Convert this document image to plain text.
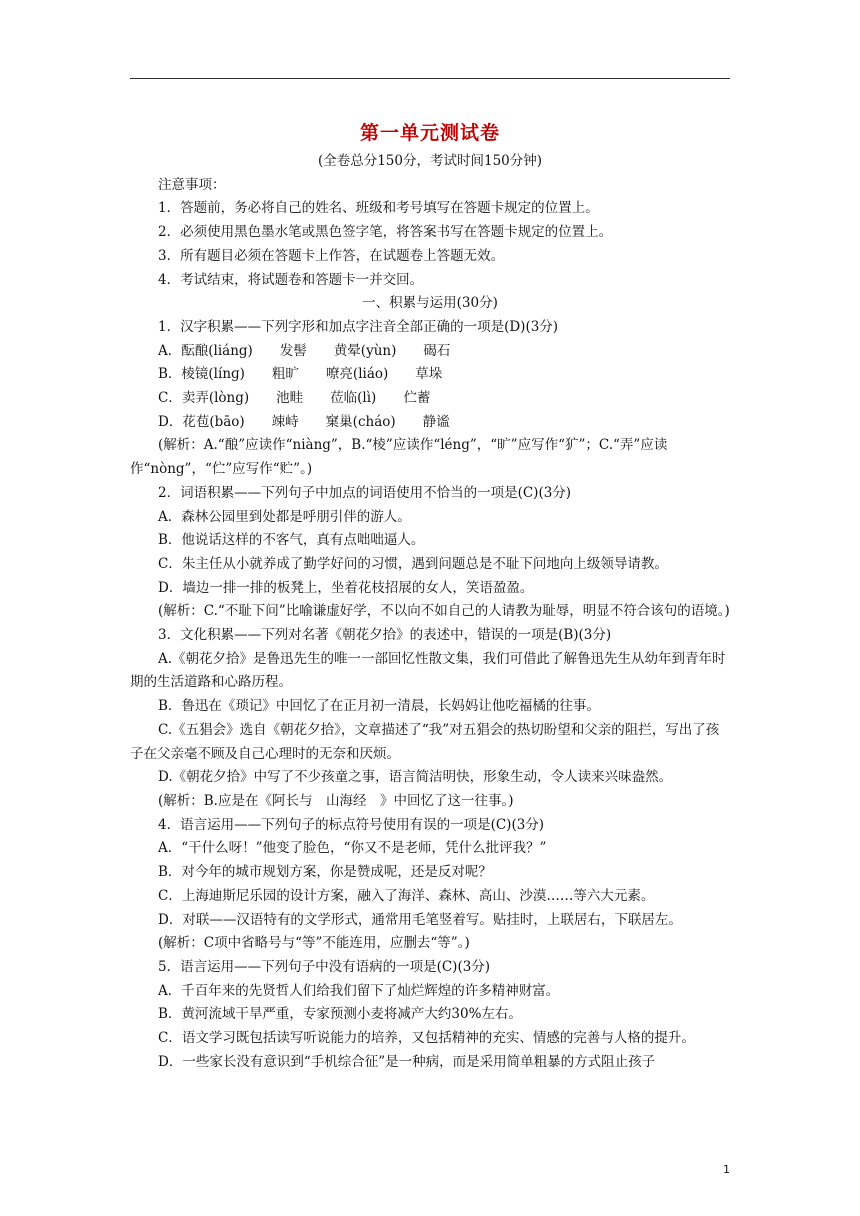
第一单元测试卷

(全卷总分150分，考试时间150分钟)

注意事项：

1．答题前，务必将自己的姓名、班级和考号填写在答题卡规定的位置上。

2．必须使用黑色墨水笔或黑色签字笔，将答案书写在答题卡规定的位置上。

3．所有题目必须在答题卡上作答，在试题卷上答题无效。

4．考试结束，将试题卷和答题卡一并交回。

一、积累与运用(30分)

1．汉字积累——下列字形和加点字注音全部正确的一项是(D)(3分)

A．酝酿(liáng)　　发髻　　黄晕(yùn)　　碣石

B．棱镜(línɡ)　　粗旷　　嘹亮(liáo)　　草垛

C．卖弄(lòng)　　池畦　　莅临(lì)　　伫蓄

D．花苞(bāo)　　竦峙　　窠巢(cháo)　　静谧

(解析：A.“酿”应读作“niàng”，B.“棱”应读作“léng”，“旷”应写作“犷”；C.“弄”应读作“nòng”，“伫”应写作“贮”。)

2．词语积累——下列句子中加点的词语使用不恰当的一项是(C)(3分)

A．森林公园里到处都是呼朋引伴的游人。

B．他说话这样的不客气，真有点咄咄逼人。

C．朱主任从小就养成了勤学好问的习惯，遇到问题总是不耻下问地向上级领导请教。

D．墙边一排一排的板凳上，坐着花枝招展的女人，笑语盈盈。

(解析：C.“不耻下问”比喻谦虚好学，不以向不如自己的人请教为耻辱，明显不符合该句的语境。)

3．文化积累——下列对名著《朝花夕拾》的表述中，错误的一项是(B)(3分)

A.《朝花夕拾》是鲁迅先生的唯一一部回忆性散文集，我们可借此了解鲁迅先生从幼年到青年时期的生活道路和心路历程。

B．鲁迅在《琐记》中回忆了在正月初一清晨，长妈妈让他吃福橘的往事。

C.《五猖会》选自《朝花夕拾》，文章描述了“我”对五猖会的热切盼望和父亲的阻拦，写出了孩子在父亲毫不顾及自己心理时的无奈和厌烦。

D.《朝花夕拾》中写了不少孩童之事，语言简洁明快，形象生动，令人读来兴味盎然。

(解析：B.应是在《阿长与　山海经　》中回忆了这一往事。)

4．语言运用——下列句子的标点符号使用有误的一项是(C)(3分)

A．“干什么呀！”他变了脸色，“你又不是老师，凭什么批评我？”

B．对今年的城市规划方案，你是赞成呢，还是反对呢？

C．上海迪斯尼乐园的设计方案，融入了海洋、森林、高山、沙漠……等六大元素。

D．对联——汉语特有的文学形式，通常用毛笔竖着写。贴挂时，上联居右，下联居左。

(解析：C项中省略号与“等”不能连用，应删去“等”。)

5．语言运用——下列句子中没有语病的一项是(C)(3分)

A．千百年来的先贤哲人们给我们留下了灿烂辉煌的许多精神财富。

B．黄河流域干旱严重，专家预测小麦将减产大约30%左右。

C．语文学习既包括读写听说能力的培养，又包括精神的充实、情感的完善与人格的提升。

D．一些家长没有意识到“手机综合征”是一种病，而是采用简单粗暴的方式阻止孩子

1
